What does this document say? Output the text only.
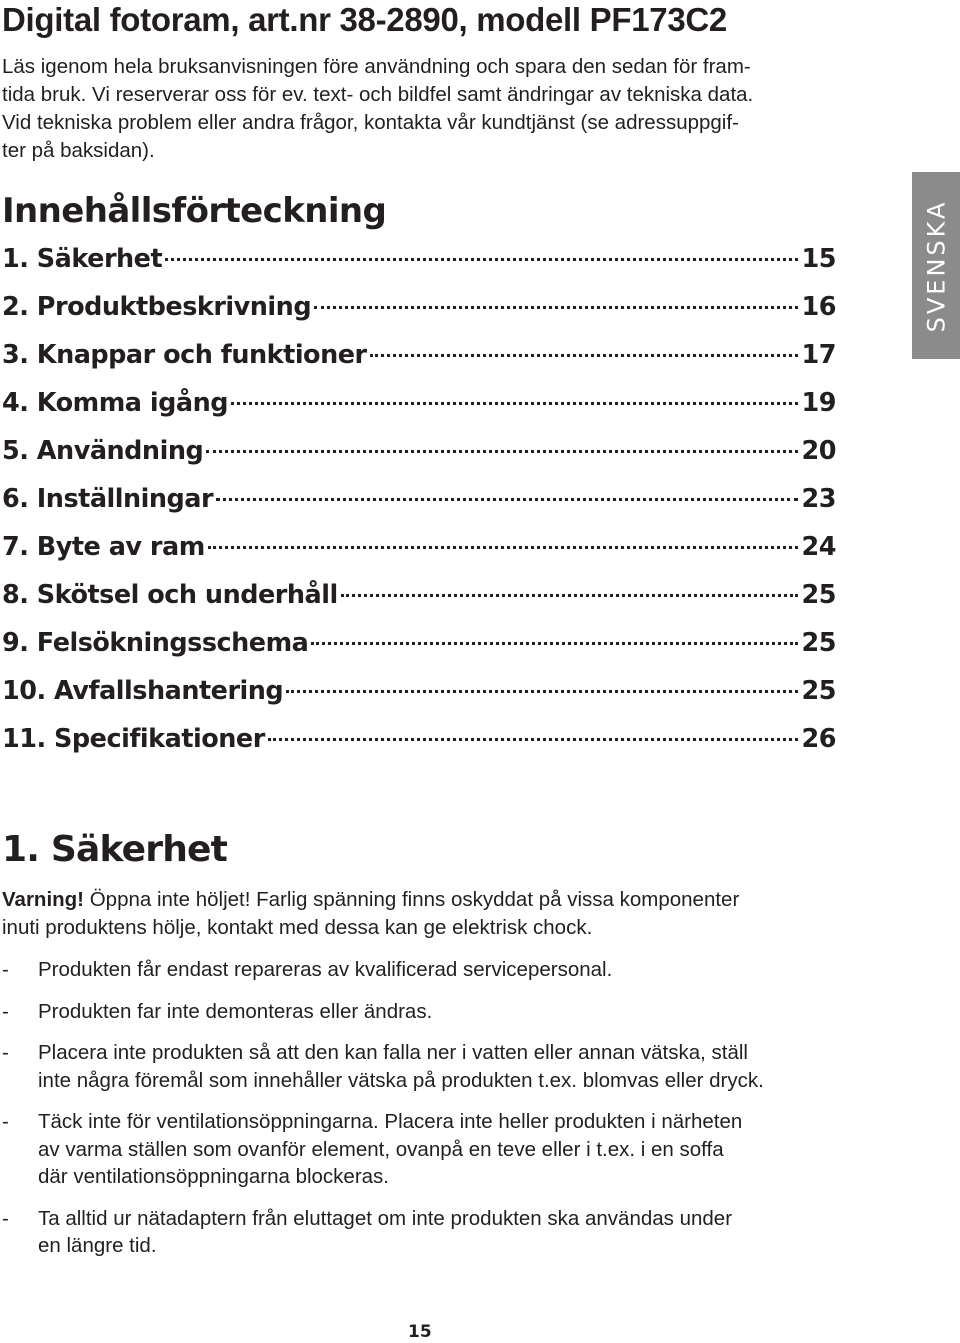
Digital fotoram, art.nr 38-2890, modell PF173C2

Läs igenom hela bruksanvisningen före användning och spara den sedan för fram-
tida bruk. Vi reserverar oss för ev. text- och bildfel samt ändringar av tekniska data.
Vid tekniska problem eller andra frågor, kontakta vår kundtjänst (se adressuppgif-
ter på baksidan).

Innehållsförteckning
1. Säkerhet	15
2. Produktbeskrivning	16
3. Knappar och funktioner	17
4. Komma igång	19
5. Användning	20
6. Inställningar	23
7. Byte av ram	24
8. Skötsel och underhåll	25
9. Felsökningsschema	25
10. Avfallshantering	25
11. Specifikationer	26
SVENSKA
1. Säkerhet

Varning! Öppna inte höljet! Farlig spänning finns oskyddat på vissa komponenter
inuti produktens hölje, kontakt med dessa kan ge elektrisk chock.

-	Produkten får endast repareras av kvalificerad servicepersonal.
-	Produkten far inte demonteras eller ändras.
-	Placera inte produkten så att den kan falla ner i vatten eller annan vätska, ställ
inte några föremål som innehåller vätska på produkten t.ex. blomvas eller dryck.
-	Täck inte för ventilationsöppningarna. Placera inte heller produkten i närheten
av varma ställen som ovanför element, ovanpå en teve eller i t.ex. i en soffa
där ventilationsöppningarna blockeras.
-	Ta alltid ur nätadaptern från eluttaget om inte produkten ska användas under
en längre tid.
15
